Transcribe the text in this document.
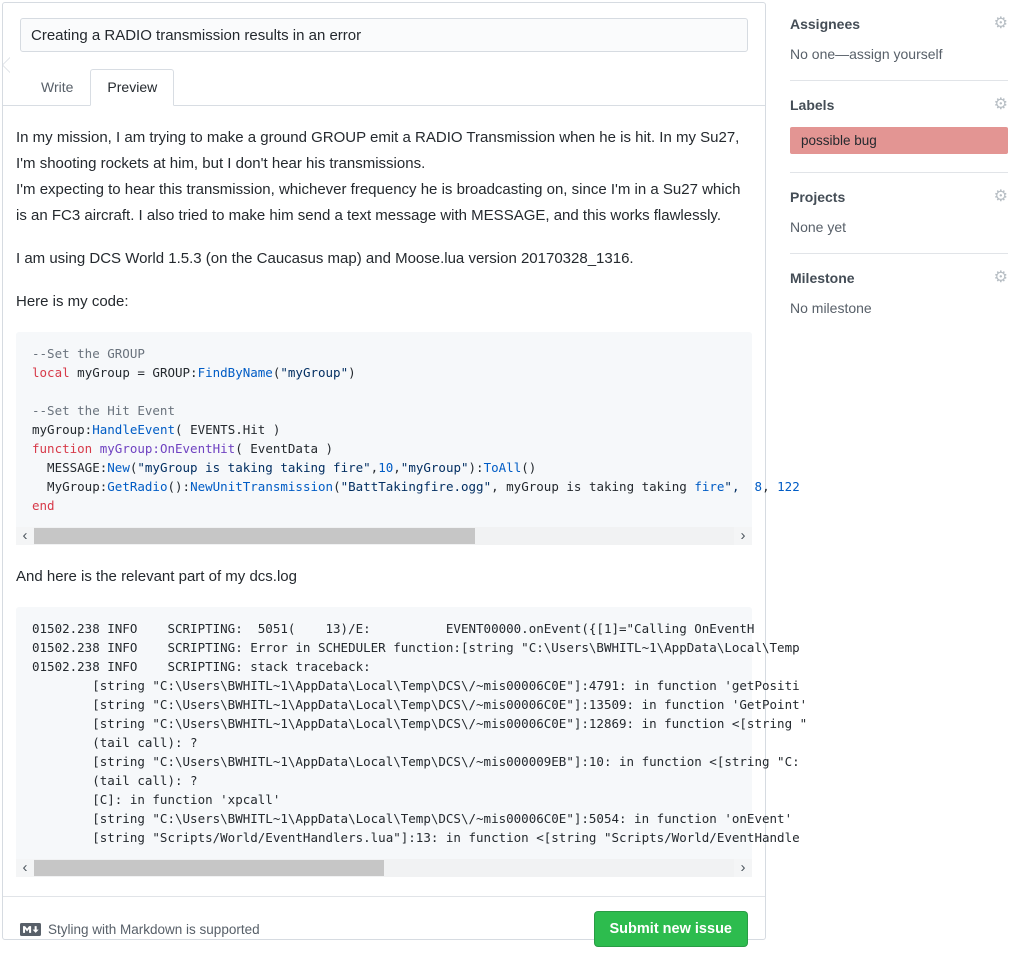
Creating a RADIO transmission results in an error
Write	Preview

In my mission, I am trying to make a ground GROUP emit a RADIO Transmission when he is hit. In my Su27, I'm shooting rockets at him, but I don't hear his transmissions.
I'm expecting to hear this transmission, whichever frequency he is broadcasting on, since I'm in a Su27 which is an FC3 aircraft. I also tried to make him send a text message with MESSAGE, and this works flawlessly.

I am using DCS World 1.5.3 (on the Caucasus map) and Moose.lua version 20170328_1316.

Here is my code:

--Set the GROUP
local myGroup = GROUP:FindByName("myGroup")

--Set the Hit Event
myGroup:HandleEvent( EVENTS.Hit )
function myGroup:OnEventHit( EventData )
MESSAGE:New("myGroup is taking taking fire",10,"myGroup"):ToAll()
MyGroup:GetRadio():NewUnitTransmission("BattTakingfire.ogg", myGroup is taking taking fire", 8, 122
end
‹	›

And here is the relevant part of my dcs.log

01502.238 INFO    SCRIPTING:  5051(    13)/E:          EVENT00000.onEvent({[1]="Calling OnEventH
01502.238 INFO    SCRIPTING: Error in SCHEDULER function:[string "C:\Users\BWHITL~1\AppData\Local\Temp
01502.238 INFO    SCRIPTING: stack traceback:
[string "C:\Users\BWHITL~1\AppData\Local\Temp\DCS\/~mis00006C0E"]:4791: in function 'getPositi
[string "C:\Users\BWHITL~1\AppData\Local\Temp\DCS\/~mis00006C0E"]:13509: in function 'GetPoint'
[string "C:\Users\BWHITL~1\AppData\Local\Temp\DCS\/~mis00006C0E"]:12869: in function <[string "
(tail call): ?
[string "C:\Users\BWHITL~1\AppData\Local\Temp\DCS\/~mis000009EB"]:10: in function <[string "C:
(tail call): ?
[C]: in function 'xpcall'
[string "C:\Users\BWHITL~1\AppData\Local\Temp\DCS\/~mis00006C0E"]:5054: in function 'onEvent'
[string "Scripts/World/EventHandlers.lua"]:13: in function <[string "Scripts/World/EventHandle
‹	›
Styling with Markdown is supported	Submit new issue
Assignees	⚙
No one—assign yourself
Labels	⚙
possible bug
Projects	⚙
None yet
Milestone	⚙
No milestone
